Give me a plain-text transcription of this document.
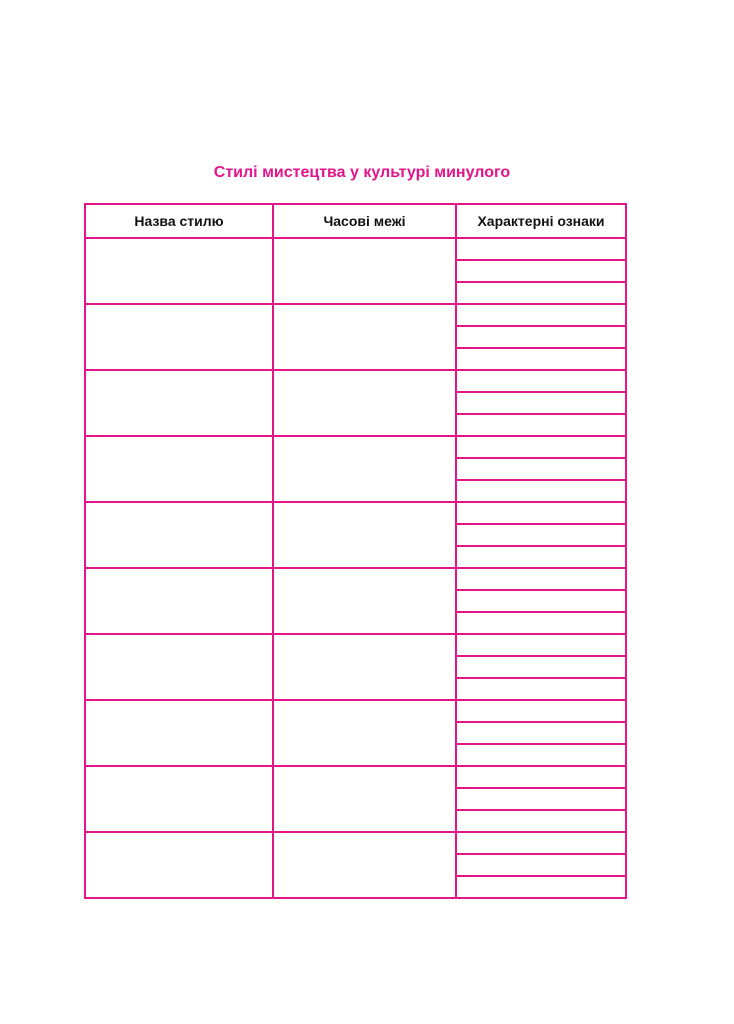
Стилі мистецтва у культурі минулого
Назва стилю	Часові межі	Характерні ознаки
